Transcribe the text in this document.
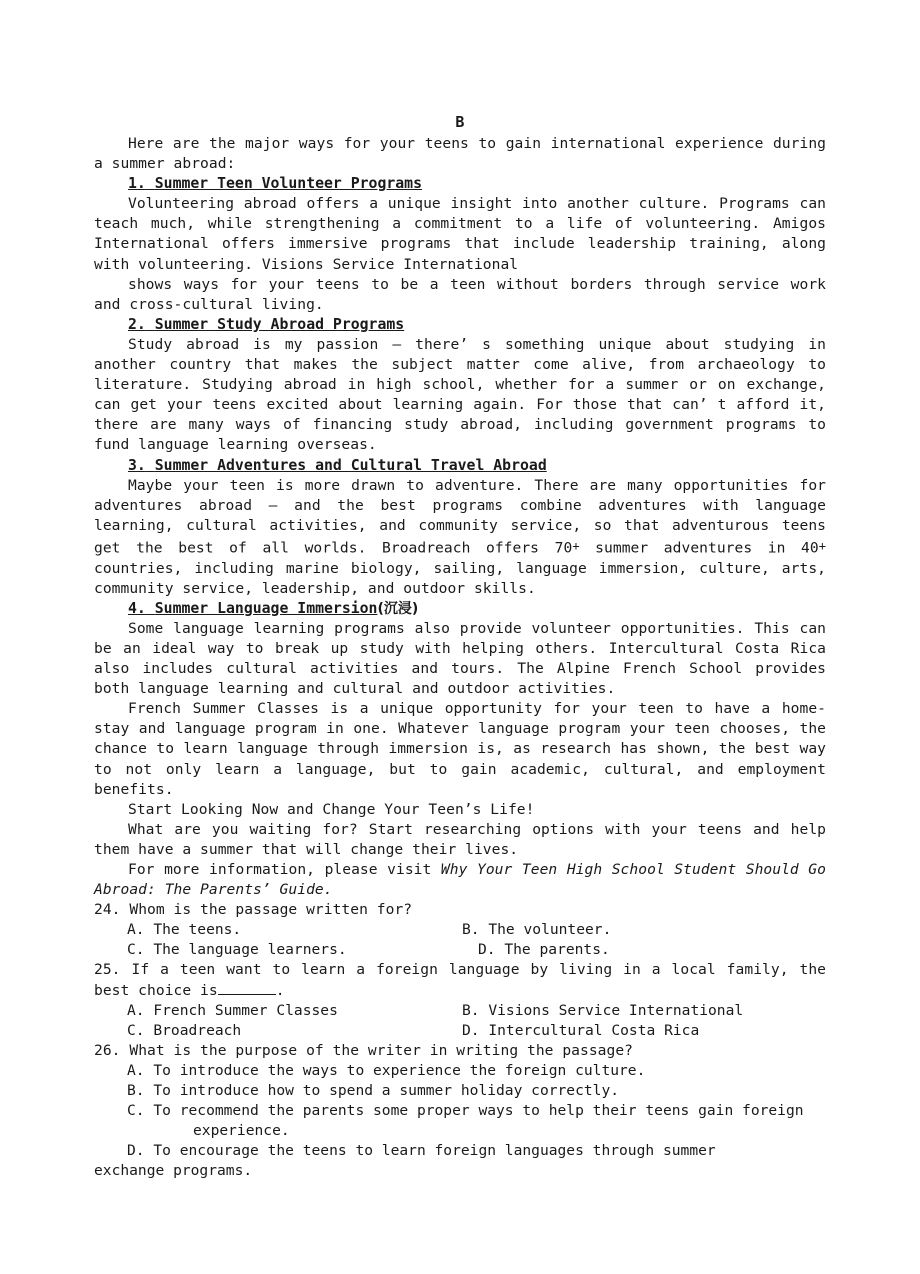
B

Here are the major ways for your teens to gain international experience during a summer abroad:

1. Summer Teen Volunteer Programs

Volunteering abroad offers a unique insight into another culture. Programs can teach much, while strengthening a commitment to a life of volunteering. Amigos International offers immersive programs that include leadership training, along with volunteering. Visions Service International

shows ways for your teens to be a teen without borders through service work and cross-cultural living.

2. Summer Study Abroad Programs

Study abroad is my passion — there’ s something unique about studying in another country that makes the subject matter come alive, from archaeology to literature. Studying abroad in high school, whether for a summer or on exchange, can get your teens excited about learning again. For those that can’ t afford it, there are many ways of financing study abroad, including government programs to fund language learning overseas.

3. Summer Adventures and Cultural Travel Abroad

Maybe your teen is more drawn to adventure. There are many opportunities for adventures abroad — and the best programs combine adventures with language learning, cultural activities, and community service, so that adventurous teens get the best of all worlds. Broadreach offers 70+ summer adventures in 40+ countries, including marine biology, sailing, language immersion, culture, arts, community service, leadership, and outdoor skills.

4. Summer Language Immersion(沉浸)

Some language learning programs also provide volunteer opportunities. This can be an ideal way to break up study with helping others. Intercultural Costa Rica also includes cultural activities and tours. The Alpine French School provides both language learning and cultural and outdoor activities.

French Summer Classes is a unique opportunity for your teen to have a home-stay and language program in one. Whatever language program your teen chooses, the chance to learn language through immersion is, as research has shown, the best way to not only learn a language, but to gain academic, cultural, and employment benefits.

Start Looking Now and Change Your Teen’s Life!

What are you waiting for? Start researching options with your teens and help them have a summer that will change their lives.

For more information, please visit Why Your Teen High School Student Should Go Abroad: The Parents’ Guide.

24. Whom is the passage written for?

A. The teens.	B. The volunteer.
C. The language learners.	D. The parents.

25. If a teen want to learn a foreign language by living in a local family, the best choice is	.

A. French Summer Classes	B. Visions Service International
C. Broadreach	D. Intercultural Costa Rica

26. What is the purpose of the writer in writing the passage?

A. To introduce the ways to experience the foreign culture.
B. To introduce how to spend a summer holiday correctly.
C. To recommend the parents some proper ways to help their teens gain foreign
experience.
D. To encourage the teens to learn foreign languages through summer
exchange programs.
